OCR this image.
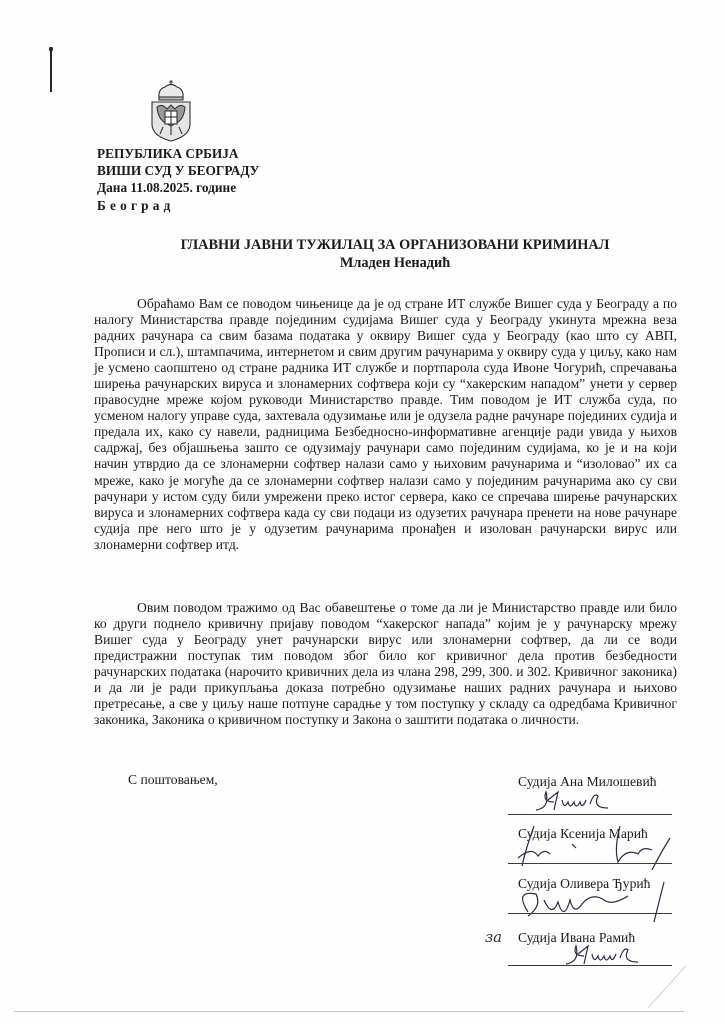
РЕПУБЛИКА СРБИЈА
ВИШИ СУД У БЕОГРАДУ
Дана 11.08.2025. године
Београд
ГЛАВНИ ЈАВНИ ТУЖИЛАЦ ЗА ОРГАНИЗОВАНИ КРИМИНАЛ
Младен Ненадић

Обраћамо Вам се поводом чињенице да је од стране ИТ службе Вишег суда у Београду а по налогу Министарства правде појединим судијама Вишег суда у Београду укинута мрежна веза радних рачунара са свим базама података у оквиру Вишег суда у Београду (као што су АВП, Прописи и сл.), штампачима, интернетом и свим другим рачунарима у оквиру суда у циљу, како нам је усмено саопштено од стране радника ИТ службе и портпарола суда Ивоне Чогурић, спречавања ширења рачунарских вируса и злонамерних софтвера који су “хакерским нападом” унети у сервер правосудне мреже којом руководи Министарство правде. Тим поводом је ИТ служба суда, по усменом налогу управе суда, захтевала одузимање или је одузела радне рачунаре појединих судија и предала их, како су навели, радницима Безбедносно-информативне агенције ради увида у њихов садржај, без објашњења зашто се одузимају рачунари само појединим судијама, ко је и на који начин утврдио да се злонамерни софтвер налази само у њиховим рачунарима и “изоловао” их са мреже, како је могуће да се злонамерни софтвер налази само у појединим рачунарима ако су сви рачунари у истом суду били умрежени преко истог сервера, како се спречава ширење рачунарских вируса и злонамерних софтвера када су сви подаци из одузетих рачунара пренети на нове рачунаре судија пре него што је у одузетим рачунарима пронађен и изолован рачунарски вирус или злонамерни софтвер итд.

Овим поводом тражимо од Вас обавештење о томе да ли је Министарство правде или било ко други поднело кривичну пријаву поводом “хакерског напада” којим је у рачунарску мрежу Вишег суда у Београду унет рачунарски вирус или злонамерни софтвер, да ли се води предистражни поступак тим поводом због било ког кривичног дела против безбедности рачунарских података (нарочито кривичних дела из члана 298, 299, 300. и 302. Кривичног законика) и да ли је ради прикупљања доказа потребно одузимање наших радних рачунара и њихово претресање, а све у циљу наше потпуне сарадње у том поступку у складу са одредбама Кривичног законика, Законика о кривичном поступку и Закона о заштити података о личности.

С поштовањем,	Судија Ана Милошевић
Судија Ксенија Марић
Судија Оливера Ђурић
за Судија Ивана Рамић
